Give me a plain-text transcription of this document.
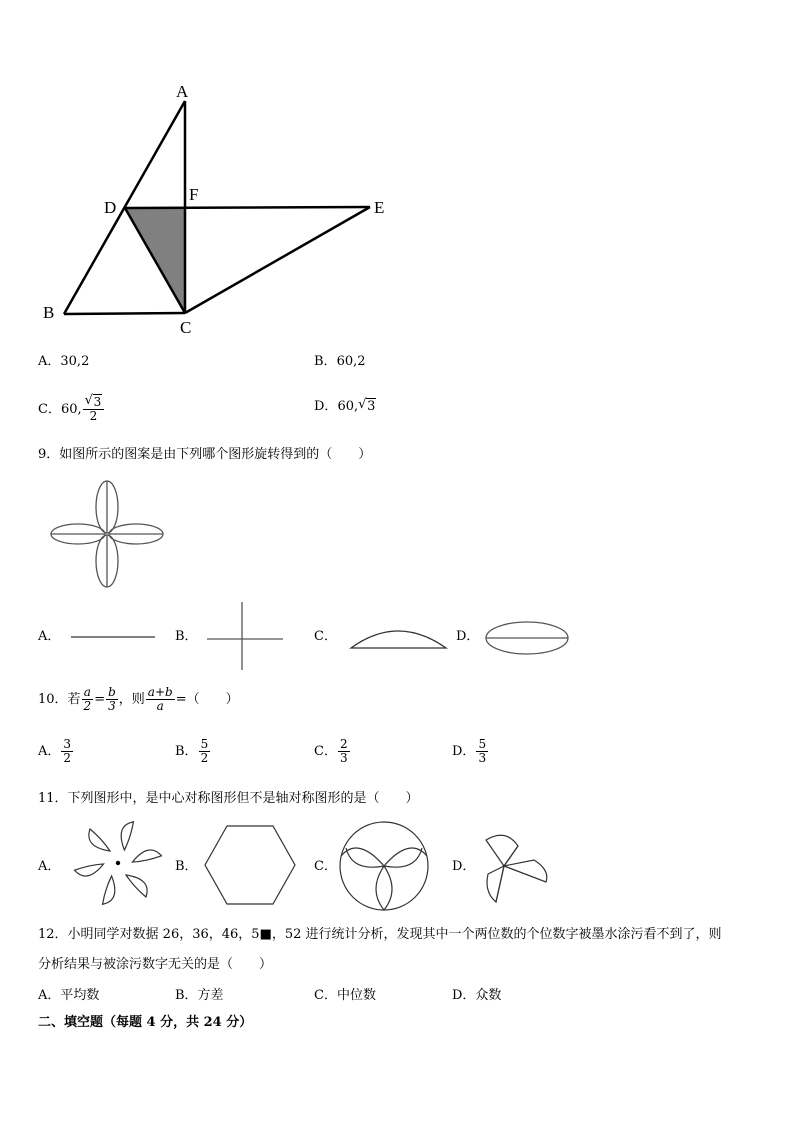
A
F
D	E
B
C
A．30,2	B．60,2
C．60, $\frac{√ 3}{2}$	D．60, √ 3
9．如图所示的图案是由下列哪个图形旋转得到的（　　）
A．	B．	C．	D．
10．若 $\frac{a}{2} = \frac{b}{3}$ ，则 $\frac{a+b}{a}$ =（　　）
A． $\frac{3}{2}$	B． $\frac{5}{2}$	C． $\frac{2}{3}$	D． $\frac{5}{3}$
11．下列图形中，是中心对称图形但不是轴对称图形的是（　　）
A．	B．	C．	D．
12．小明同学对数据 26，36，46，5■，52 进行统计分析，发现其中一个两位数的个位数字被墨水涂污看不到了，则
分析结果与被涂污数字无关的是（　　）
A．平均数	B．方差	C．中位数	D．众数
二、填空题（每题 4 分，共 24 分）
